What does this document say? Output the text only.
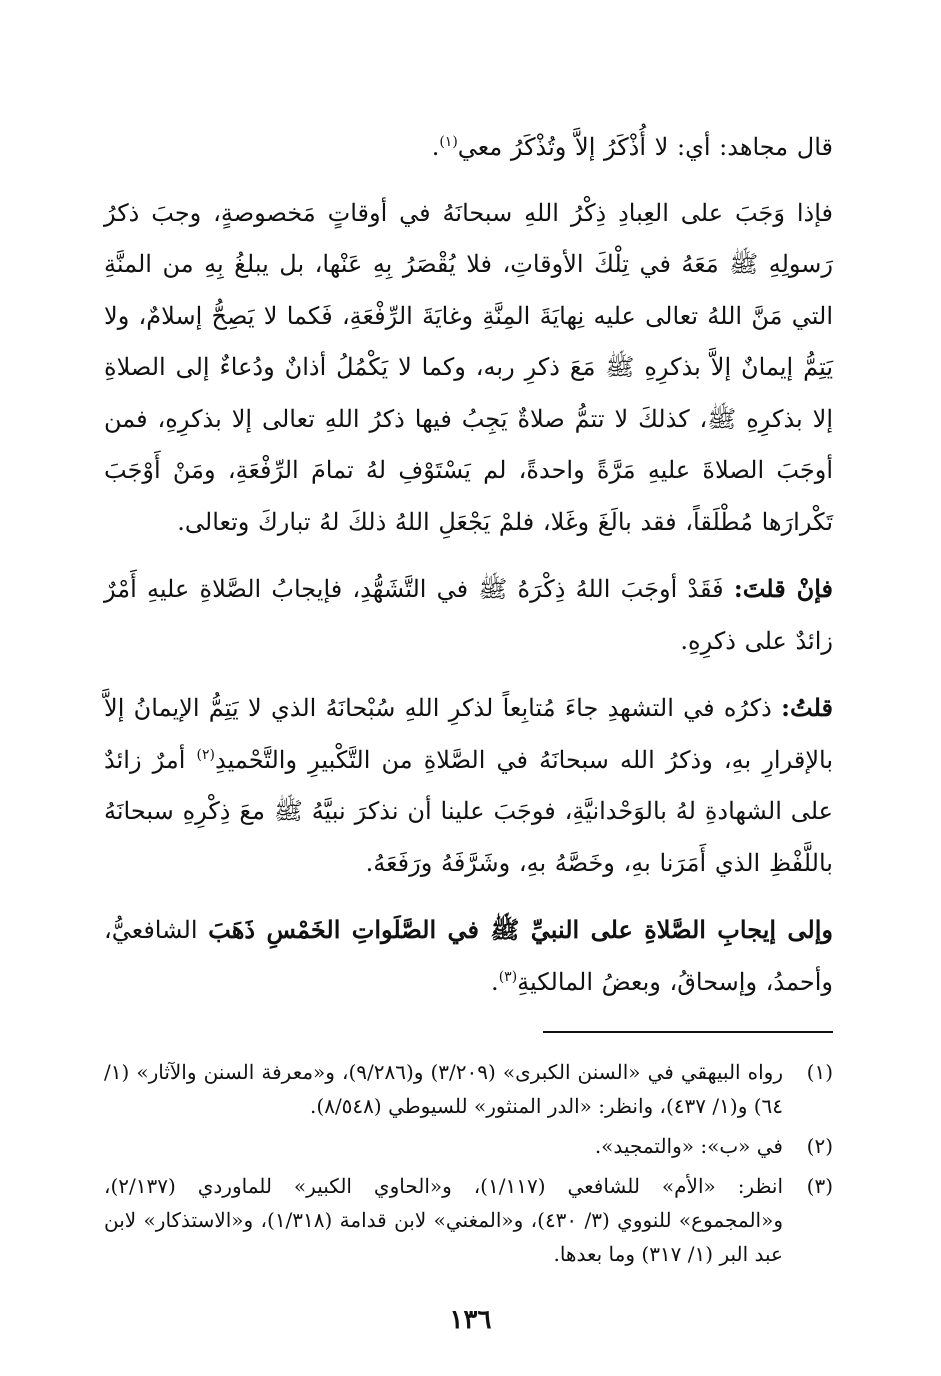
قال مجاهد: أي: لا أُذْكَرُ إلاَّ وتُذْكَرُ معي$^{(١)}$.

فإذا وَجَبَ على العِبادِ ذِكْرُ اللهِ سبحانَهُ في أوقاتٍ مَخصوصةٍ، وجبَ ذكرُ رَسولِهِ ﷺ مَعَهُ في تِلْكَ الأوقاتِ، فلا يُقْصَرُ بِهِ عَنْها، بل يبلغُ بِهِ من المنَّةِ التي مَنَّ اللهُ تعالى عليه نِهايَةَ المِنَّةِ وغايَةَ الرِّفْعَةِ، فَكما لا يَصِحُّ إسلامٌ، ولا يَتِمُّ إيمانٌ إلاَّ بذكرِهِ ﷺ مَعَ ذكرِ ربه، وكما لا يَكْمُلُ أذانٌ ودُعاءٌ إلى الصلاةِ إلا بذكرِهِ ﷺ، كذلكَ لا تتمُّ صلاةٌ يَجِبُ فيها ذكرُ اللهِ تعالى إلا بذكرِهِ، فمن أوجَبَ الصلاةَ عليهِ مَرَّةً واحدةً، لم يَسْتَوْفِ لهُ تمامَ الرِّفْعَةِ، ومَنْ أَوْجَبَ تَكْرارَها مُطْلَقاً، فقد بالَغَ وغَلا، فلمْ يَجْعَلِ اللهُ ذلكَ لهُ تباركَ وتعالى.

فإنْ قلتَ: فَقَدْ أوجَبَ اللهُ ذِكْرَهُ ﷺ في التَّشَهُّدِ، فإيجابُ الصَّلاةِ عليهِ أَمْرٌ زائدٌ على ذكرِهِ.

قلتُ: ذكرُه في التشهدِ جاءَ مُتابِعاً لذكرِ اللهِ سُبْحانَهُ الذي لا يَتِمُّ الإيمانُ إلاَّ بالإقرارِ بهِ، وذكرُ الله سبحانَهُ في الصَّلاةِ من التَّكْبيرِ والتَّحْميدِ$^{(٢)}$ أمرٌ زائدٌ على الشهادةِ لهُ بالوَحْدانيَّةِ، فوجَبَ علينا أن نذكرَ نبيَّهُ ﷺ معَ ذِكْرِهِ سبحانَهُ باللَّفْظِ الذي أَمَرَنا بهِ، وخَصَّهُ بهِ، وشَرَّفَهُ ورَفَعَهُ.

وإلى إيجابِ الصَّلاةِ على النبيِّ ﷺ في الصَّلَواتِ الخَمْسِ ذَهَبَ الشافعيُّ، وأحمدُ، وإسحاقُ، وبعضُ المالكيةِ$^{(٣)}$.

(١)
رواه البيهقي في «السنن الكبرى» (٣/٢٠٩) و(٩/٢٨٦)، و«معرفة السنن والآثار» (١/ ٦٤) و(١/ ٤٣٧)، وانظر: «الدر المنثور» للسيوطي (٨/٥٤٨).
(٢)
في «ب»: «والتمجيد».
(٣)
انظر: «الأم» للشافعي (١/١١٧)، و«الحاوي الكبير» للماوردي (٢/١٣٧)، و«المجموع» للنووي (٣/ ٤٣٠)، و«المغني» لابن قدامة (١/٣١٨)، و«الاستذكار» لابن عبد البر (١/ ٣١٧) وما بعدها.
١٣٦
